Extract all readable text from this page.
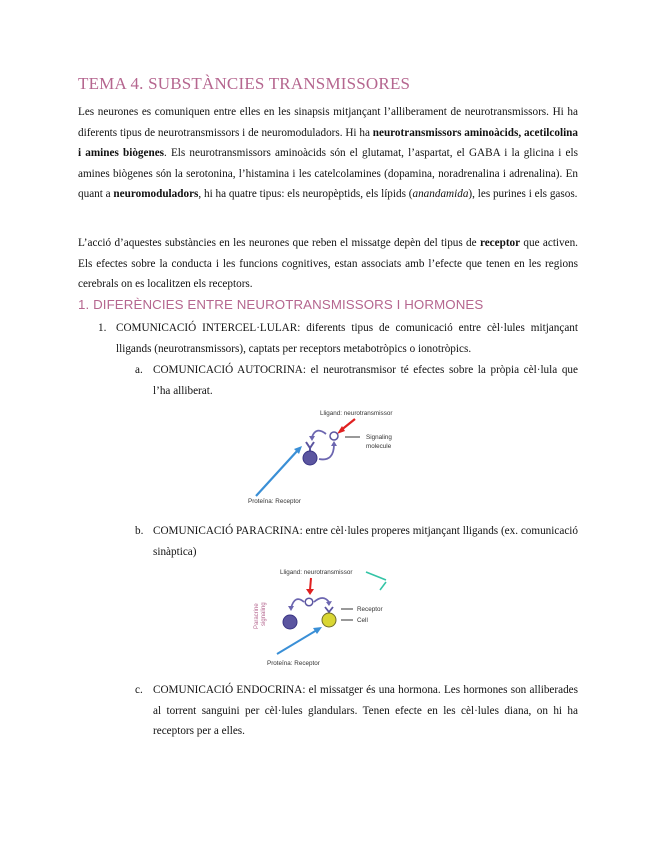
TEMA 4. SUBSTÀNCIES TRANSMISSORES

Les neurones es comuniquen entre elles en les sinapsis mitjançant l’alliberament de neurotransmissors. Hi ha diferents tipus de neurotransmissors i de neuromoduladors. Hi ha neurotransmissors aminoàcids, acetilcolina i amines biògenes. Els neurotransmissors aminoàcids són el glutamat, l’aspartat, el GABA i la glicina i els amines biògenes són la serotonina, l’histamina i les catelcolamines (dopamina, noradrenalina i adrenalina). En quant a neuromoduladors, hi ha quatre tipus: els neuropèptids, els lípids (anandamida), les purines i els gasos.

L’acció d’aquestes substàncies en les neurones que reben el missatge depèn del tipus de receptor que activen. Els efectes sobre la conducta i les funcions cognitives, estan associats amb l’efecte que tenen en les regions cerebrals on es localitzen els receptors.

1. DIFERÈNCIES ENTRE NEUROTRANSMISSORS I HORMONES
1. COMUNICACIÓ INTERCEL·LULAR: diferents tipus de comunicació entre cèl·lules mitjançant lligands (neurotransmissors), captats per receptors metabotròpics o ionotròpics.
a. COMUNICACIÓ AUTOCRINA: el neurotransmisor té efectes sobre la pròpia cèl·lula que l’ha alliberat.
Lligand: neurotransmissor
Signaling
molecule
Proteïna: Receptor
b. COMUNICACIÓ PARACRINA: entre cèl·lules properes mitjançant lligands (ex. comunicació sinàptica)
Lligand: neurotransmissor
Paracrine signaling	Receptor
Cell
Proteïna: Receptor
c. COMUNICACIÓ ENDOCRINA: el missatger és una hormona. Les hormones son alliberades al torrent sanguini per cèl·lules glandulars. Tenen efecte en les cèl·lules diana, on hi ha receptors per a elles.
